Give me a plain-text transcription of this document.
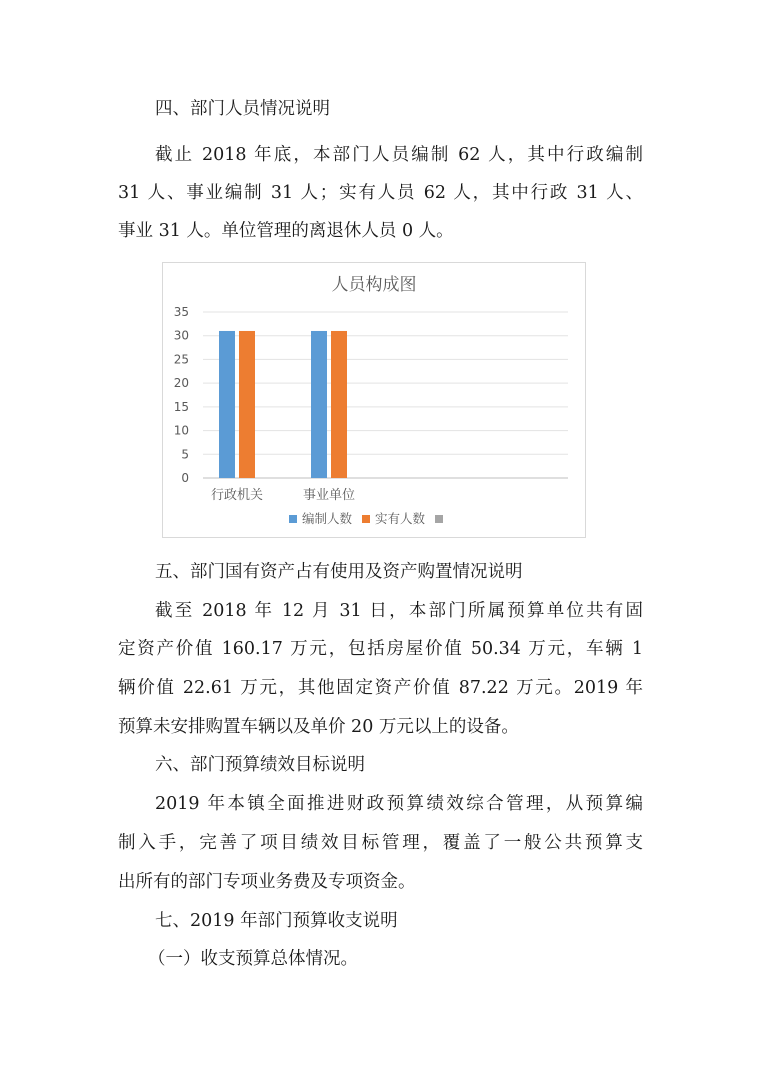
四、部门人员情况说明

截止 2018 年底，本部门人员编制 62 人，其中行政编制

31 人、事业编制 31 人；实有人员 62 人，其中行政 31 人、

事业 31 人。单位管理的离退休人员 0 人。

人员构成图
0
5
10
15
20
25
30
35
行政机关	事业单位
编制人数 实有人数

五、部门国有资产占有使用及资产购置情况说明

截至 2018 年 12 月 31 日，本部门所属预算单位共有固

定资产价值 160.17 万元，包括房屋价值 50.34 万元，车辆 1

辆价值 22.61 万元，其他固定资产价值 87.22 万元。2019 年

预算未安排购置车辆以及单价 20 万元以上的设备。

六、部门预算绩效目标说明

2019 年本镇全面推进财政预算绩效综合管理，从预算编

制入手，完善了项目绩效目标管理，覆盖了一般公共预算支

出所有的部门专项业务费及专项资金。

七、2019 年部门预算收支说明

（一）收支预算总体情况。
